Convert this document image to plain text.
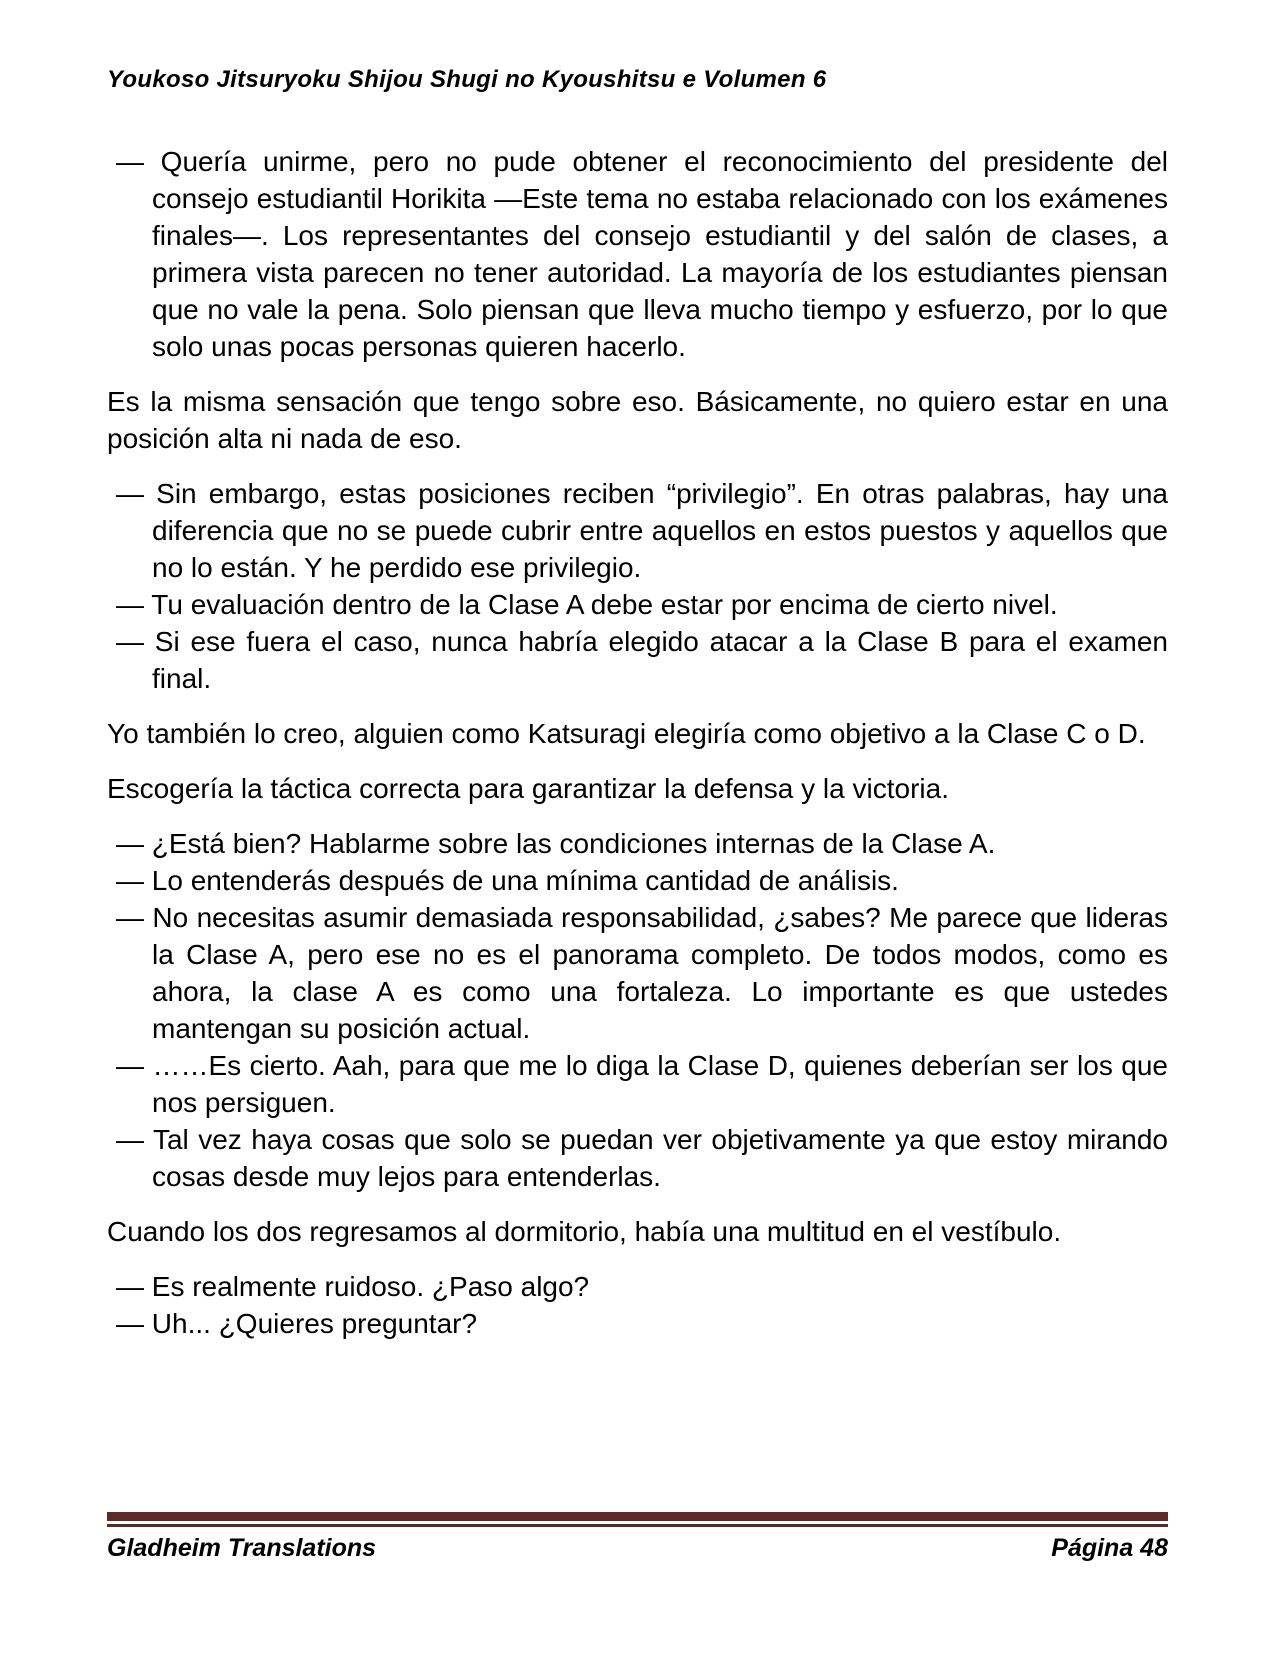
Youkoso Jitsuryoku Shijou Shugi no Kyoushitsu e Volumen 6

— Quería unirme, pero no pude obtener el reconocimiento del presidente del consejo estudiantil Horikita —Este tema no estaba relacionado con los exámenes finales—. Los representantes del consejo estudiantil y del salón de clases, a primera vista parecen no tener autoridad. La mayoría de los estudiantes piensan que no vale la pena. Solo piensan que lleva mucho tiempo y esfuerzo, por lo que solo unas pocas personas quieren hacerlo.

Es la misma sensación que tengo sobre eso. Básicamente, no quiero estar en una posición alta ni nada de eso.

— Sin embargo, estas posiciones reciben “privilegio”. En otras palabras, hay una diferencia que no se puede cubrir entre aquellos en estos puestos y aquellos que no lo están. Y he perdido ese privilegio.

— Tu evaluación dentro de la Clase A debe estar por encima de cierto nivel.

— Si ese fuera el caso, nunca habría elegido atacar a la Clase B para el examen final.

Yo también lo creo, alguien como Katsuragi elegiría como objetivo a la Clase C o D.

Escogería la táctica correcta para garantizar la defensa y la victoria.

— ¿Está bien? Hablarme sobre las condiciones internas de la Clase A.

— Lo entenderás después de una mínima cantidad de análisis.

— No necesitas asumir demasiada responsabilidad, ¿sabes? Me parece que lideras la Clase A, pero ese no es el panorama completo. De todos modos, como es ahora, la clase A es como una fortaleza. Lo importante es que ustedes mantengan su posición actual.

— ……Es cierto. Aah, para que me lo diga la Clase D, quienes deberían ser los que nos persiguen.

— Tal vez haya cosas que solo se puedan ver objetivamente ya que estoy mirando cosas desde muy lejos para entenderlas.

Cuando los dos regresamos al dormitorio, había una multitud en el vestíbulo.

— Es realmente ruidoso. ¿Paso algo?

— Uh... ¿Quieres preguntar?

Gladheim Translations	Página 48
